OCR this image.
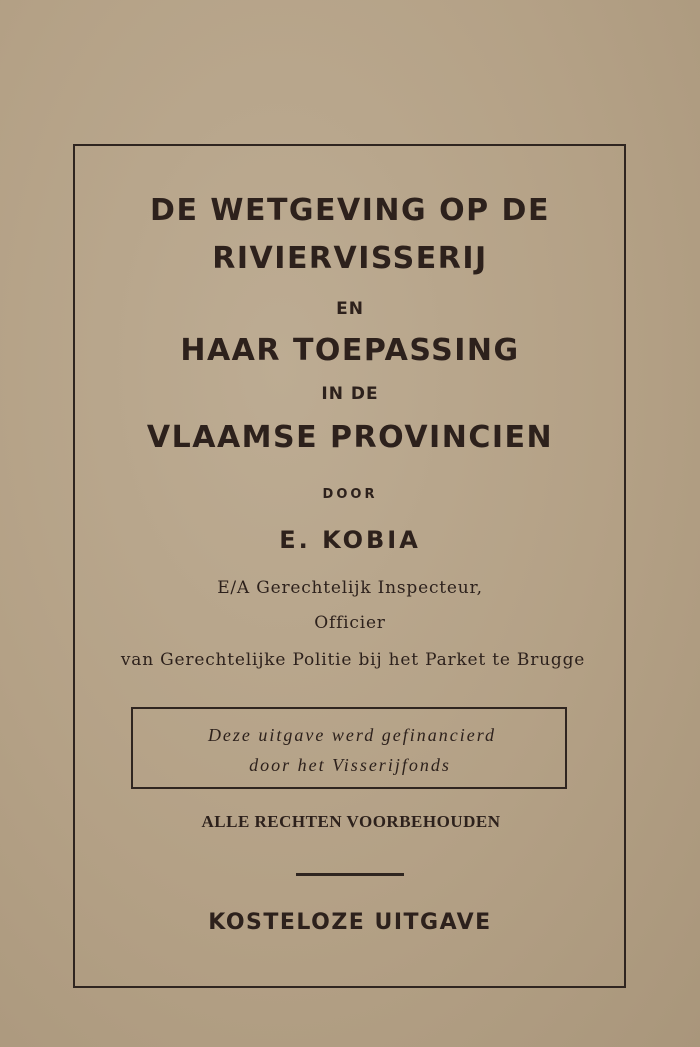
DE WETGEVING OP DE
RIVIERVISSERIJ
EN
HAAR TOEPASSING
IN DE
VLAAMSE PROVINCIEN
DOOR
E. KOBIA
E/A Gerechtelijk Inspecteur,
Officier
van Gerechtelijke Politie bij het Parket te Brugge
Deze uitgave werd gefinancierd
door het Visserijfonds
ALLE RECHTEN VOORBEHOUDEN
KOSTELOZE UITGAVE
